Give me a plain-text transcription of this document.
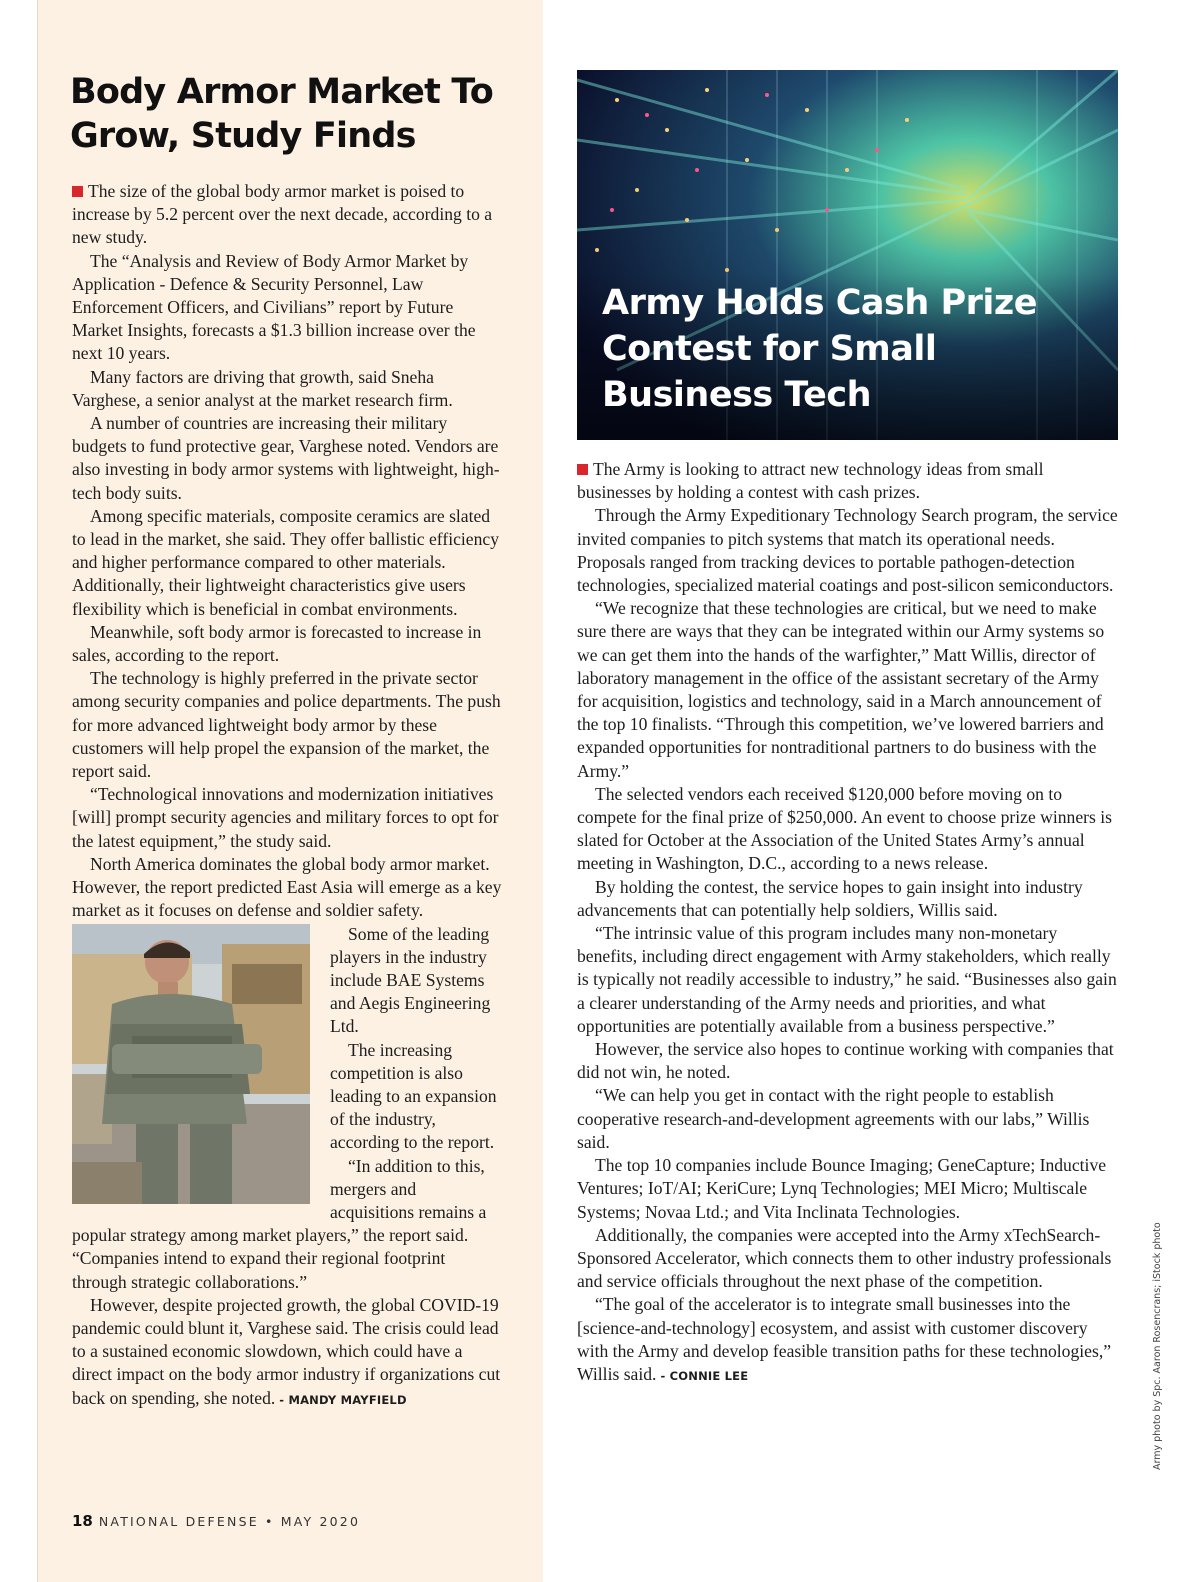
Body Armor Market To Grow, Study Finds

The size of the global body armor market is poised to increase by 5.2 percent over the next decade, according to a new study.

The “Analysis and Review of Body Armor Market by Application - Defence & Security Personnel, Law Enforcement Officers, and Civilians” report by Future Market Insights, forecasts a $1.3 billion increase over the next 10 years.

Many factors are driving that growth, said Sneha Varghese, a senior analyst at the market research firm.

A number of countries are increasing their military budgets to fund protective gear, Varghese noted. Vendors are also investing in body armor systems with lightweight, high-tech body suits.

Among specific materials, composite ceramics are slated to lead in the market, she said. They offer ballistic efficiency and higher performance compared to other materials. Additionally, their lightweight characteristics give users flexibility which is beneficial in combat environments.

Meanwhile, soft body armor is forecasted to increase in sales, according to the report.

The technology is highly preferred in the private sector among security companies and police departments. The push for more advanced lightweight body armor by these customers will help propel the expansion of the market, the report said.

“Technological innovations and modernization initiatives [will] prompt security agencies and military forces to opt for the latest equipment,” the study said.

North America dominates the global body armor market. However, the report predicted East Asia will emerge as a key market as it focuses on defense and soldier safety.

Some of the leading players in the industry include BAE Systems and Aegis Engineering Ltd.

The increasing competition is also leading to an expansion of the industry, according to the report.

“In addition to this, mergers and acquisitions remains a popular strategy among market players,” the report said. “Companies intend to expand their regional footprint through strategic collaborations.”

However, despite projected growth, the global COVID-19 pandemic could blunt it, Varghese said. The crisis could lead to a sustained economic slowdown, which could have a direct impact on the body armor industry if organizations cut back on spending, she noted. - MANDY MAYFIELD

Army Holds Cash Prize Contest for Small Business Tech

The Army is looking to attract new technology ideas from small businesses by holding a contest with cash prizes.

Through the Army Expeditionary Technology Search program, the service invited companies to pitch systems that match its operational needs. Proposals ranged from tracking devices to portable pathogen-detection technologies, specialized material coatings and post-silicon semiconductors.

“We recognize that these technologies are critical, but we need to make sure there are ways that they can be integrated within our Army systems so we can get them into the hands of the warfighter,” Matt Willis, director of laboratory management in the office of the assistant secretary of the Army for acquisition, logistics and technology, said in a March announcement of the top 10 finalists. “Through this competition, we’ve lowered barriers and expanded opportunities for nontraditional partners to do business with the Army.”

The selected vendors each received $120,000 before moving on to compete for the final prize of $250,000. An event to choose prize winners is slated for October at the Association of the United States Army’s annual meeting in Washington, D.C., according to a news release.

By holding the contest, the service hopes to gain insight into industry advancements that can potentially help soldiers, Willis said.

“The intrinsic value of this program includes many non-monetary benefits, including direct engagement with Army stakeholders, which really is typically not readily accessible to industry,” he said. “Businesses also gain a clearer understanding of the Army needs and priorities, and what opportunities are potentially available from a business perspective.”

However, the service also hopes to continue working with companies that did not win, he noted.

“We can help you get in contact with the right people to establish cooperative research-and-development agreements with our labs,” Willis said.

The top 10 companies include Bounce Imaging; GeneCapture; Inductive Ventures; IoT/AI; KeriCure; Lynq Technologies; MEI Micro; Multiscale Systems; Novaa Ltd.; and Vita Inclinata Technologies.

Additionally, the companies were accepted into the Army xTechSearch-Sponsored Accelerator, which connects them to other industry professionals and service officials throughout the next phase of the competition.

“The goal of the accelerator is to integrate small businesses into the [science-and-technology] ecosystem, and assist with customer discovery with the Army and develop feasible transition paths for these technologies,” Willis said. - CONNIE LEE

18 NATIONAL DEFENSE • MAY 2020
Army photo by Spc. Aaron Rosencrans; iStock photo
